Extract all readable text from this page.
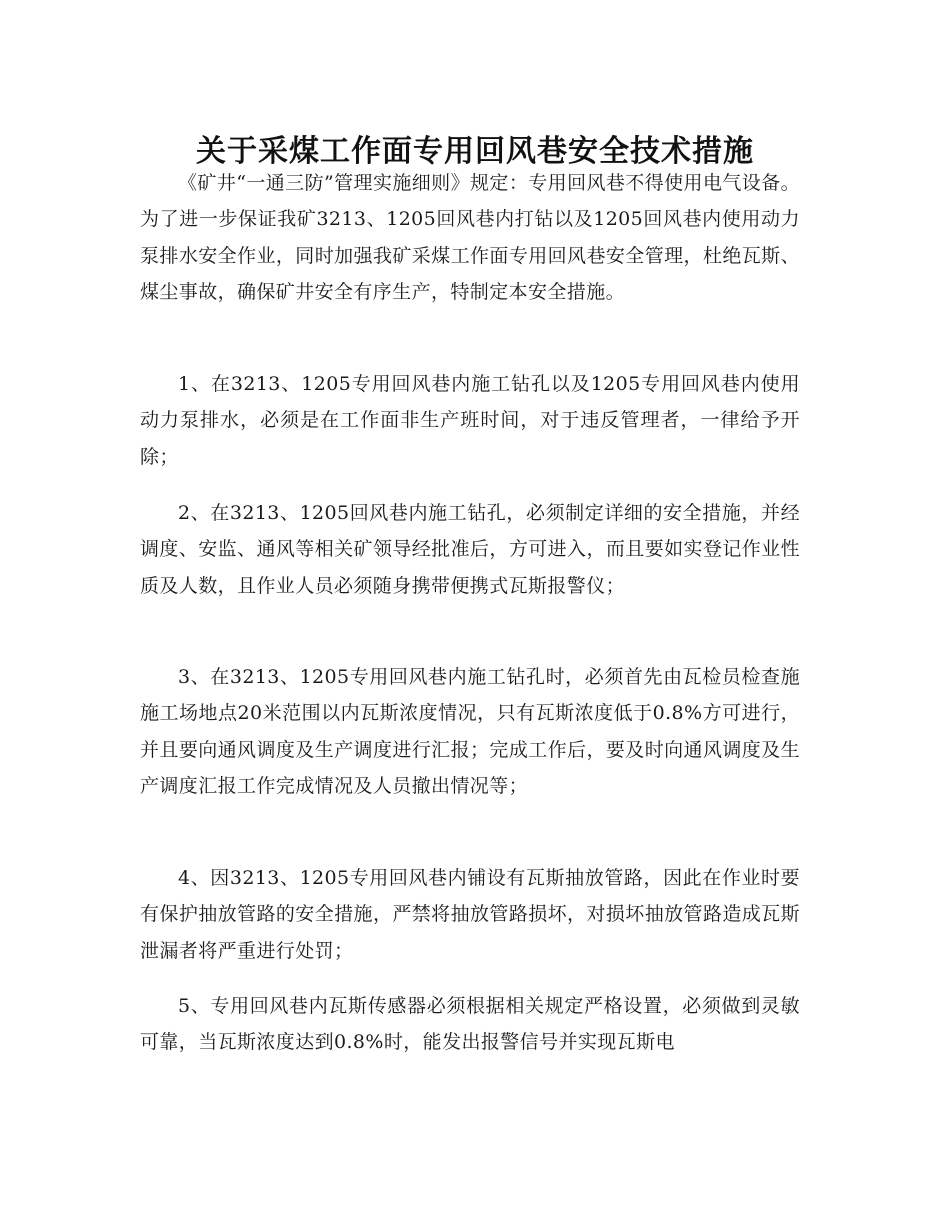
关于采煤工作面专用回风巷安全技术措施

《矿井“一通三防”管理实施细则》规定：专用回风巷不得使用电气设备。为了进一步保证我矿3213、1205回风巷内打钻以及1205回风巷内使用动力泵排水安全作业，同时加强我矿采煤工作面专用回风巷安全管理，杜绝瓦斯、煤尘事故，确保矿井安全有序生产，特制定本安全措施。

1、在3213、1205专用回风巷内施工钻孔以及1205专用回风巷内使用动力泵排水，必须是在工作面非生产班时间，对于违反管理者，一律给予开除；

2、在3213、1205回风巷内施工钻孔，必须制定详细的安全措施，并经调度、安监、通风等相关矿领导经批准后，方可进入，而且要如实登记作业性质及人数，且作业人员必须随身携带便携式瓦斯报警仪；

3、在3213、1205专用回风巷内施工钻孔时，必须首先由瓦检员检查施施工场地点20米范围以内瓦斯浓度情况，只有瓦斯浓度低于0.8%方可进行，并且要向通风调度及生产调度进行汇报；完成工作后，要及时向通风调度及生产调度汇报工作完成情况及人员撤出情况等；

4、因3213、1205专用回风巷内铺设有瓦斯抽放管路，因此在作业时要有保护抽放管路的安全措施，严禁将抽放管路损坏，对损坏抽放管路造成瓦斯泄漏者将严重进行处罚；

5、专用回风巷内瓦斯传感器必须根据相关规定严格设置，必须做到灵敏可靠，当瓦斯浓度达到0.8%时，能发出报警信号并实现瓦斯电
